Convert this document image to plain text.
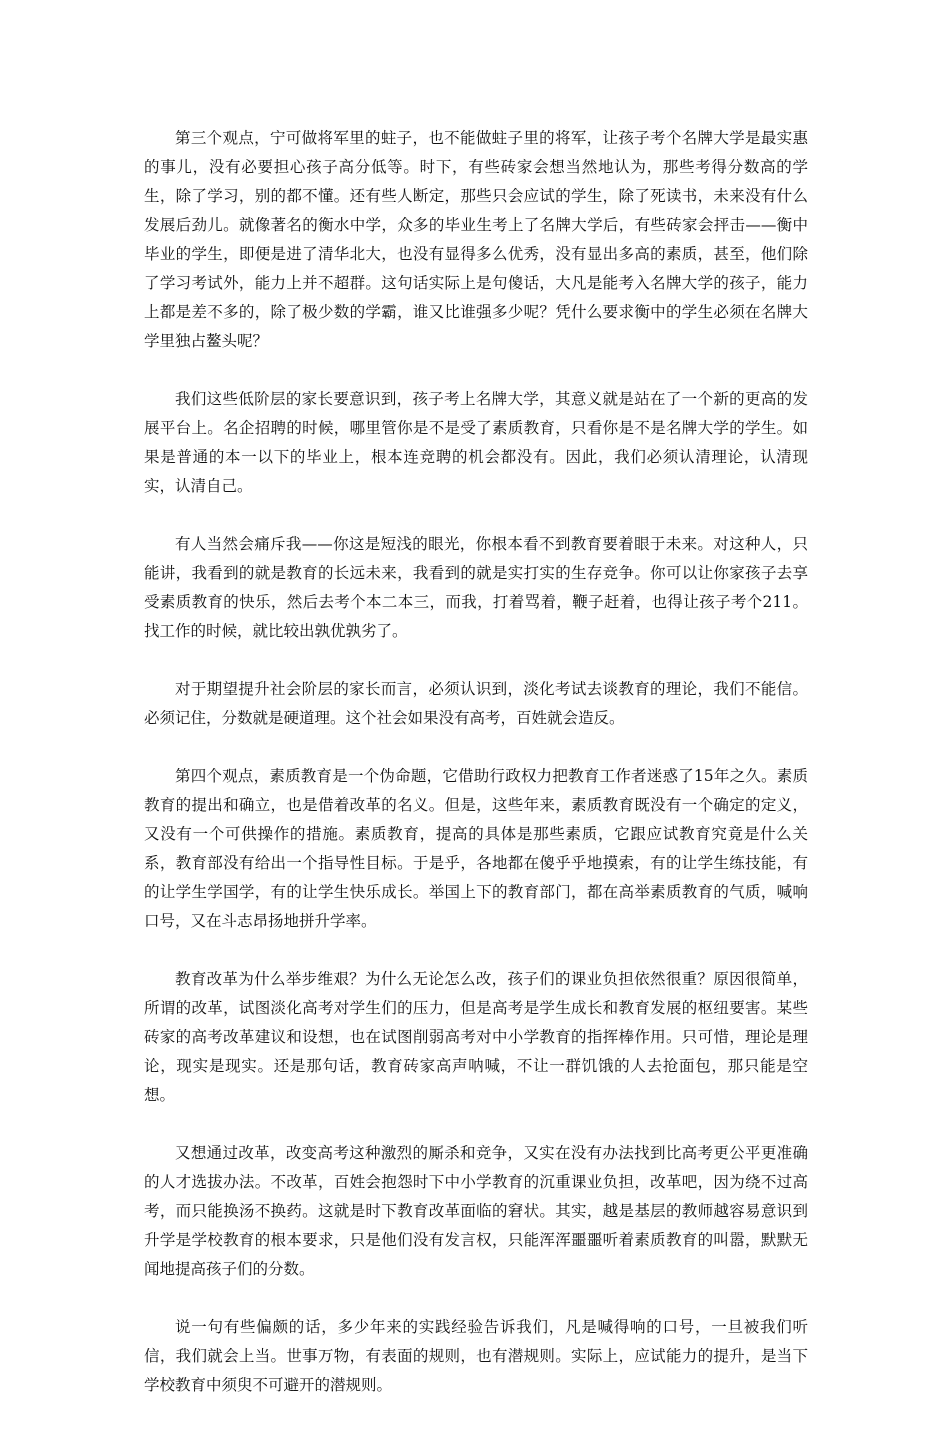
第三个观点，宁可做将军里的蛀子，也不能做蛀子里的将军，让孩子考个名牌大学是最实惠的事儿，没有必要担心孩子高分低等。时下，有些砖家会想当然地认为，那些考得分数高的学生，除了学习，别的都不懂。还有些人断定，那些只会应试的学生，除了死读书，未来没有什么发展后劲儿。就像著名的衡水中学，众多的毕业生考上了名牌大学后，有些砖家会抨击——衡中毕业的学生，即便是进了清华北大，也没有显得多么优秀，没有显出多高的素质，甚至，他们除了学习考试外，能力上并不超群。这句话实际上是句傻话，大凡是能考入名牌大学的孩子，能力上都是差不多的，除了极少数的学霸，谁又比谁强多少呢？凭什么要求衡中的学生必须在名牌大学里独占鳌头呢？

我们这些低阶层的家长要意识到，孩子考上名牌大学，其意义就是站在了一个新的更高的发展平台上。名企招聘的时候，哪里管你是不是受了素质教育，只看你是不是名牌大学的学生。如果是普通的本一以下的毕业上，根本连竞聘的机会都没有。因此，我们必须认清理论，认清现实，认清自己。

有人当然会痛斥我——你这是短浅的眼光，你根本看不到教育要着眼于未来。对这种人，只能讲，我看到的就是教育的长远未来，我看到的就是实打实的生存竞争。你可以让你家孩子去享受素质教育的快乐，然后去考个本二本三，而我，打着骂着，鞭子赶着，也得让孩子考个211。找工作的时候，就比较出孰优孰劣了。

对于期望提升社会阶层的家长而言，必须认识到，淡化考试去谈教育的理论，我们不能信。必须记住，分数就是硬道理。这个社会如果没有高考，百姓就会造反。

第四个观点，素质教育是一个伪命题，它借助行政权力把教育工作者迷惑了15年之久。素质教育的提出和确立，也是借着改革的名义。但是，这些年来，素质教育既没有一个确定的定义，又没有一个可供操作的措施。素质教育，提高的具体是那些素质，它跟应试教育究竟是什么关系，教育部没有给出一个指导性目标。于是乎，各地都在傻乎乎地摸索，有的让学生练技能，有的让学生学国学，有的让学生快乐成长。举国上下的教育部门，都在高举素质教育的气质，喊响口号，又在斗志昂扬地拼升学率。

教育改革为什么举步维艰？为什么无论怎么改，孩子们的课业负担依然很重？原因很简单，所谓的改革，试图淡化高考对学生们的压力，但是高考是学生成长和教育发展的枢纽要害。某些砖家的高考改革建议和设想，也在试图削弱高考对中小学教育的指挥棒作用。只可惜，理论是理论，现实是现实。还是那句话，教育砖家高声呐喊，不让一群饥饿的人去抢面包，那只能是空想。

又想通过改革，改变高考这种激烈的厮杀和竞争，又实在没有办法找到比高考更公平更准确的人才选拔办法。不改革，百姓会抱怨时下中小学教育的沉重课业负担，改革吧，因为绕不过高考，而只能换汤不换药。这就是时下教育改革面临的窘状。其实，越是基层的教师越容易意识到升学是学校教育的根本要求，只是他们没有发言权，只能浑浑噩噩听着素质教育的叫嚣，默默无闻地提高孩子们的分数。

说一句有些偏颇的话，多少年来的实践经验告诉我们，凡是喊得响的口号，一旦被我们听信，我们就会上当。世事万物，有表面的规则，也有潜规则。实际上，应试能力的提升，是当下学校教育中须臾不可避开的潜规则。
